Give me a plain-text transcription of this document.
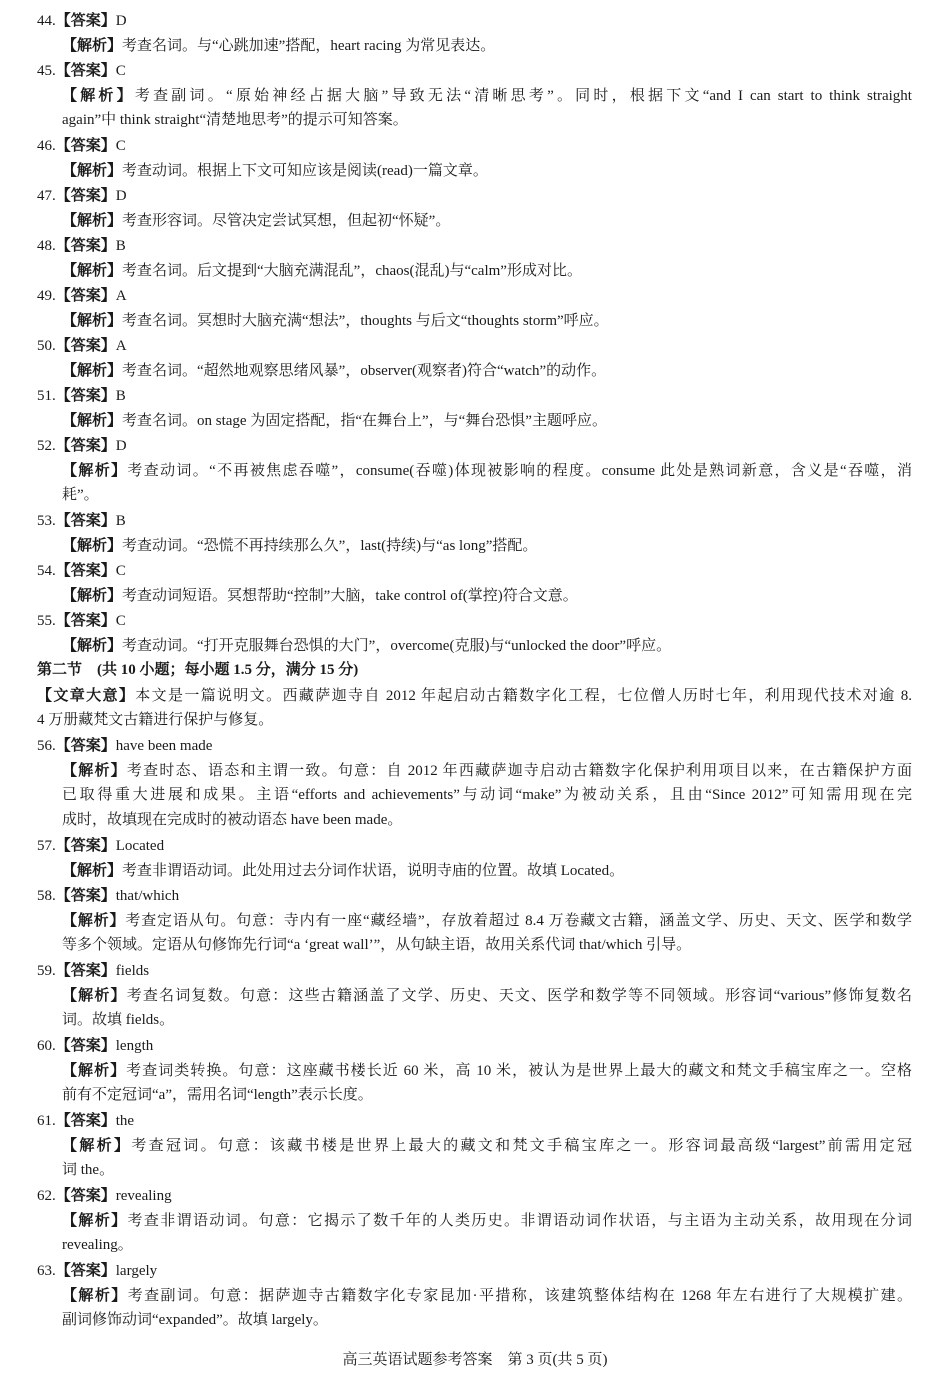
44.【答案】D
【解析】考查名词。与“心跳加速”搭配，heart racing 为常见表达。
45.【答案】C
【解析】考查副词。“原始神经占据大脑”导致无法“清晰思考”。同时，根据下文“and I can start to think straight
again”中 think straight“清楚地思考”的提示可知答案。
46.【答案】C
【解析】考查动词。根据上下文可知应该是阅读(read)一篇文章。
47.【答案】D
【解析】考查形容词。尽管决定尝试冥想，但起初“怀疑”。
48.【答案】B
【解析】考查名词。后文提到“大脑充满混乱”，chaos(混乱)与“calm”形成对比。
49.【答案】A
【解析】考查名词。冥想时大脑充满“想法”，thoughts 与后文“thoughts storm”呼应。
50.【答案】A
【解析】考查名词。“超然地观察思绪风暴”，observer(观察者)符合“watch”的动作。
51.【答案】B
【解析】考查名词。on stage 为固定搭配，指“在舞台上”，与“舞台恐惧”主题呼应。
52.【答案】D
【解析】考查动词。“不再被焦虑吞噬”，consume(吞噬)体现被影响的程度。consume 此处是熟词新意，含义是“吞噬，消
耗”。
53.【答案】B
【解析】考查动词。“恐慌不再持续那么久”，last(持续)与“as long”搭配。
54.【答案】C
【解析】考查动词短语。冥想帮助“控制”大脑，take control of(掌控)符合文意。
55.【答案】C
【解析】考查动词。“打开克服舞台恐惧的大门”，overcome(克服)与“unlocked the door”呼应。
第二节　(共 10 小题；每小题 1.5 分，满分 15 分)
【文章大意】本文是一篇说明文。西藏萨迦寺自 2012 年起启动古籍数字化工程，七位僧人历时七年，利用现代技术对逾 8.
4 万册藏梵文古籍进行保护与修复。
56.【答案】have been made
【解析】考查时态、语态和主谓一致。句意：自 2012 年西藏萨迦寺启动古籍数字化保护利用项目以来，在古籍保护方面
已取得重大进展和成果。主语“efforts and achievements”与动词“make”为被动关系，且由“Since 2012”可知需用现在完
成时，故填现在完成时的被动语态 have been made。
57.【答案】Located
【解析】考查非谓语动词。此处用过去分词作状语，说明寺庙的位置。故填 Located。
58.【答案】that/which
【解析】考查定语从句。句意：寺内有一座“藏经墙”，存放着超过 8.4 万卷藏文古籍，涵盖文学、历史、天文、医学和数学
等多个领域。定语从句修饰先行词“a ‘great wall’”，从句缺主语，故用关系代词 that/which 引导。
59.【答案】fields
【解析】考查名词复数。句意：这些古籍涵盖了文学、历史、天文、医学和数学等不同领域。形容词“various”修饰复数名
词。故填 fields。
60.【答案】length
【解析】考查词类转换。句意：这座藏书楼长近 60 米，高 10 米，被认为是世界上最大的藏文和梵文手稿宝库之一。空格
前有不定冠词“a”，需用名词“length”表示长度。
61.【答案】the
【解析】考查冠词。句意：该藏书楼是世界上最大的藏文和梵文手稿宝库之一。形容词最高级“largest”前需用定冠
词 the。
62.【答案】revealing
【解析】考查非谓语动词。句意：它揭示了数千年的人类历史。非谓语动词作状语，与主语为主动关系，故用现在分词
revealing。
63.【答案】largely
【解析】考查副词。句意：据萨迦寺古籍数字化专家昆加·平措称，该建筑整体结构在 1268 年左右进行了大规模扩建。
副词修饰动词“expanded”。故填 largely。
高三英语试题参考答案　第 3 页(共 5 页)
